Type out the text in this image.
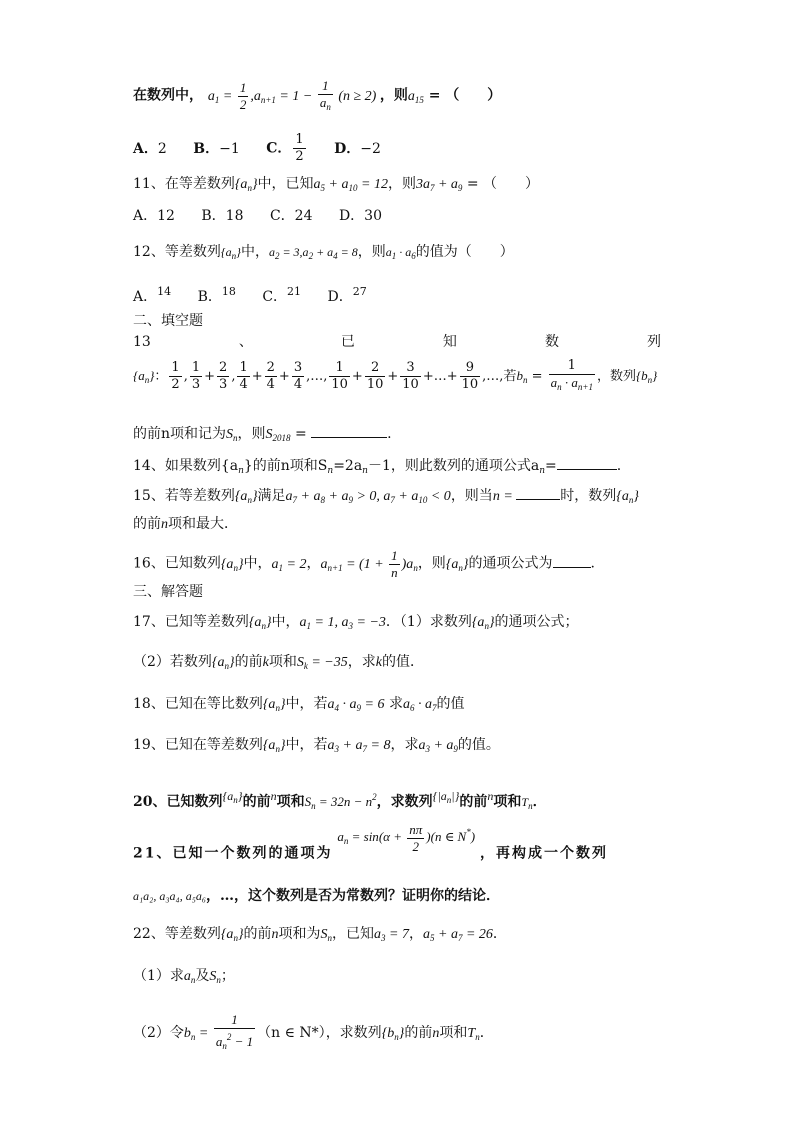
在数列中， $a_1 = \frac{1}{2} ,a_{n+1} = 1 - \frac{1}{a_n} (n \ge 2)$ ，则$a_{15}$ = （　　）
A．2 B．−1 C． $\frac{1}{2}$ D．−2
11、在等差数列$\{a_n\}$中，已知$a_5 + a_{10} = 12$，则$3a_7 + a_9$ = （　　）
A．12 B．18 C．24 D．30
12、等差数列$\{a_n\}$中，$a_2 = 3,a_2 + a_4 = 8$，则$a_1 \cdot a_6$的值为（　　）
A．$^{14}$ B．$^{18}$ C．$^{21}$ D．$^{27}$
二、填空题
13	、	已	知	数	列
$\{a_n\}$： $\frac{1}{2}$ , $\frac{1}{3} + \frac{2}{3}$ , $\frac{1}{4} + \frac{2}{4} + \frac{3}{4}$ ,…, $\frac{1}{10} + \frac{2}{10} + \frac{3}{10}$ +…+ $\frac{9}{10}$ ,…,若$b_n = \frac{1}{a_n \cdot a_{n+1}}$ ，数列$\{b_n\}$
的前n项和记为$S_n$，则$S_{2018}$ =	.
14、如果数列$\{a_n\}$的前n项和$S_n=2a_n-1$，则此数列的通项公式$a_n=$	.
15、若等差数列$\{a_n\}$满足$a_7 + a_8 + a_9 > 0$, $a_7 + a_{10} < 0$，则当n =	时，数列$\{a_n\}$
的前n项和最大．
16、已知数列$\{a_n\}$中，$a_1 = 2$，$a_{n+1} = (1 + \frac{1}{n} )a_n$，则$\{a_n\}$的通项公式为	.
三、解答题
17、已知等差数列$\{a_n\}$中，$a_1 = 1$, $a_3 = -3$．（1）求数列$\{a_n\}$的通项公式；
（2）若数列$\{a_n\}$的前k项和$S_k = -35$，求k的值．
18、已知在等比数列$\{a_n\}$中，若$a_4 \cdot a_9 = 6$ 求$a_6 \cdot a_7$的值
19、已知在等差数列$\{a_n\}$中，若$a_3 + a_7 = 8$，求$a_3 + a_9$的值。
20、已知数列$\{a_n\}$的前n项和$S_n = 32n - n^2$，求数列$\{|a_n|\}$的前n项和$T_n$．
21、已知一个数列的通项为 $a_n = \sin(\alpha + \frac{n\pi}{2} )(n$ ∈ N*) ，再构成一个数列
a₁a₂, a₃a₄, a₅a₆，…，这个数列是否为常数列？证明你的结论．
22、等差数列$\{a_n\}$的前n项和为$S_n$，已知$a_3 = 7$，$a_5 + a_7 = 26$．
（1）求$a_n$及$S_n$；
（2）令$b_n = \frac{1}{a_n^2 - 1} (n$ ∈ N*），求数列$\{b_n\}$的前n项和$T_n$．
